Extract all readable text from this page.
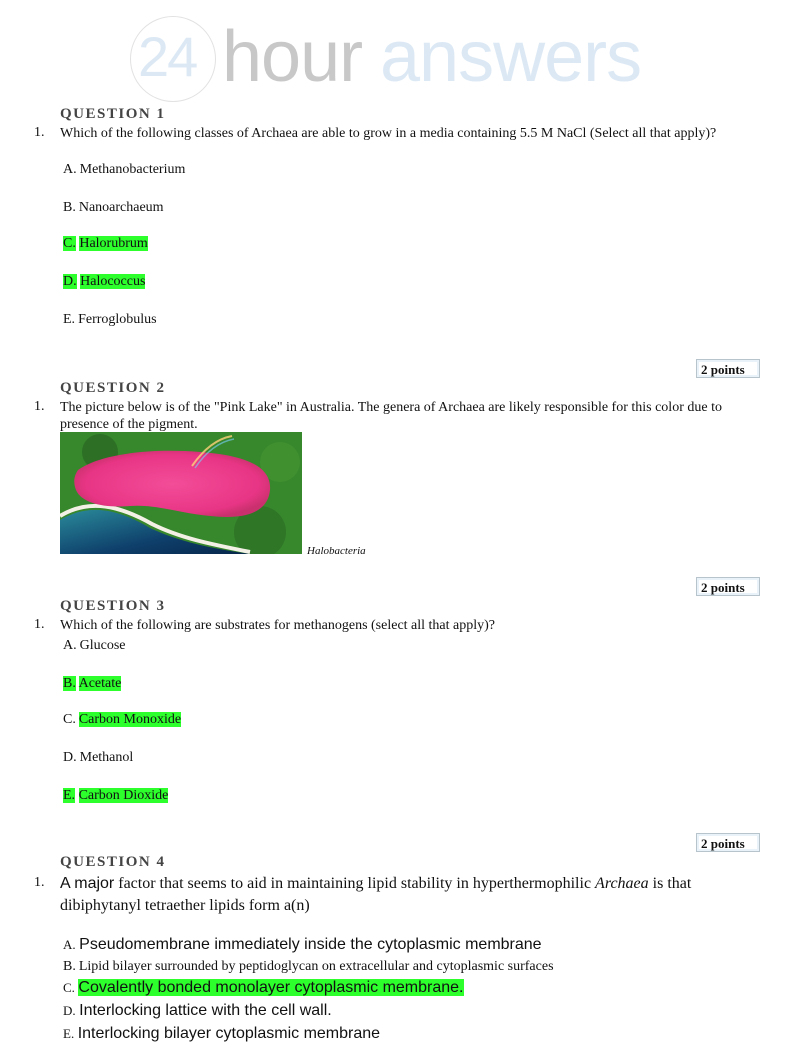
24 hour answers
QUESTION 1
1. Which of the following classes of Archaea are able to grow in a media containing 5.5 M NaCl (Select all that apply)?
A. Methanobacterium
B. Nanoarchaeum
C. Halorubrum
D. Halococcus
E. Ferroglobulus
2 points
QUESTION 2
1. The picture below is of the "Pink Lake" in Australia. The genera of Archaea are likely responsible for this color due to presence of the pigment.
Halobacteria
2 points
QUESTION 3
1. Which of the following are substrates for methanogens (select all that apply)?
A. Glucose
B. Acetate
C. Carbon Monoxide
D. Methanol
E. Carbon Dioxide
2 points
QUESTION 4
1. A major factor that seems to aid in maintaining lipid stability in hyperthermophilic Archaea is that dibiphytanyl tetraether lipids form a(n)
A. Pseudomembrane immediately inside the cytoplasmic membrane
B. Lipid bilayer surrounded by peptidoglycan on extracellular and cytoplasmic surfaces
C. Covalently bonded monolayer cytoplasmic membrane.
D. Interlocking lattice with the cell wall.
E. Interlocking bilayer cytoplasmic membrane
